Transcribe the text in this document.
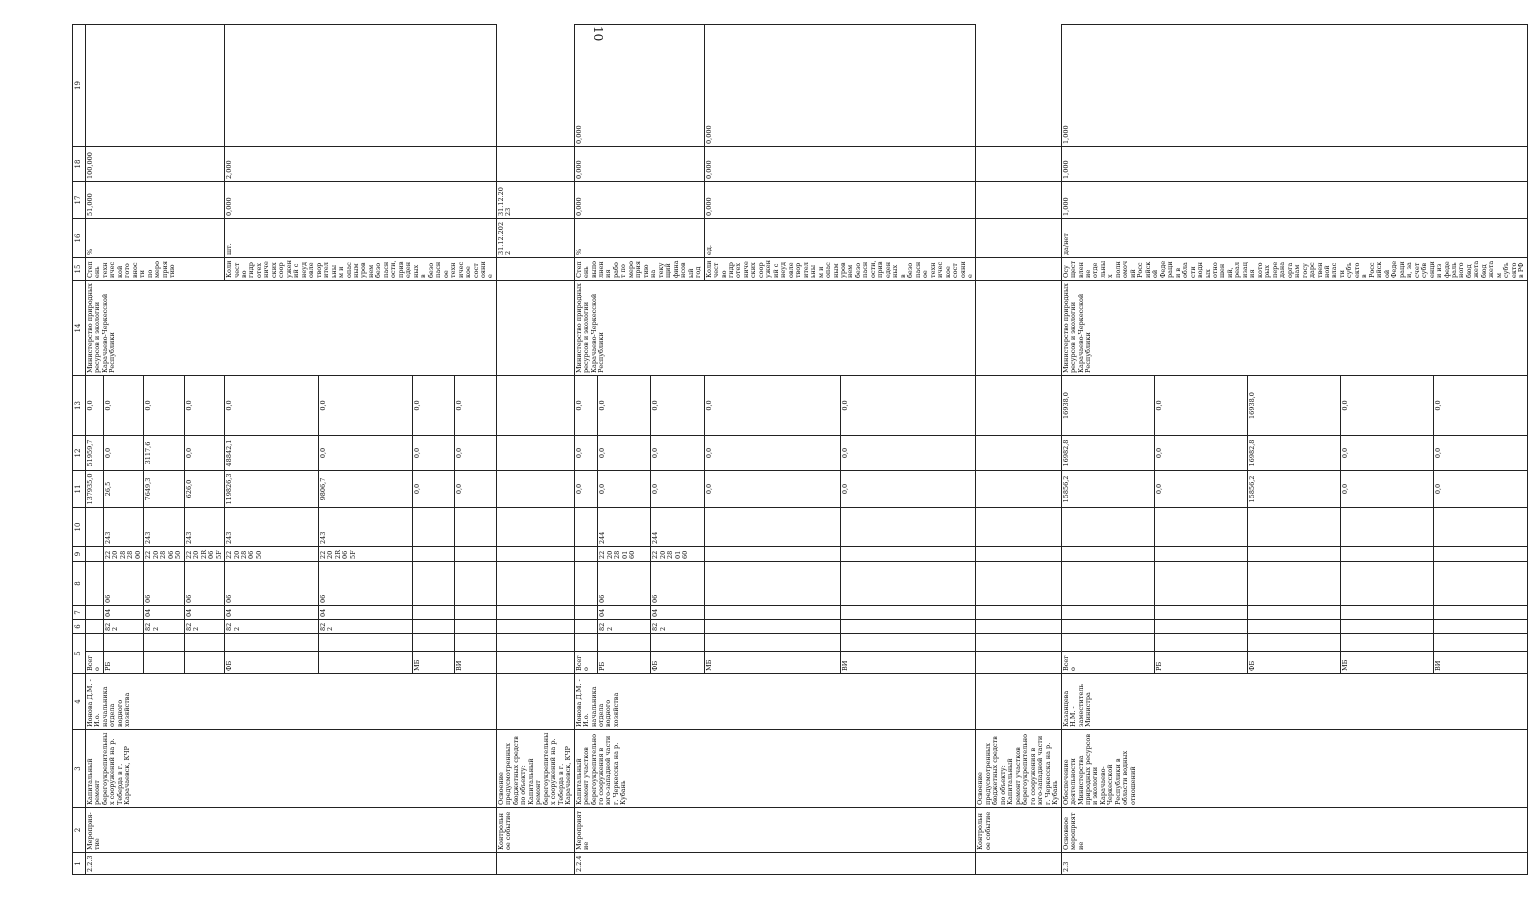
10
1	2	3	4	5		6	7	8	9	10	11	12	13	14	15	16	17	18	19
2.2.3	Мероприя-тие	Капитальный ремонт берегоукрепительных сооружений на р. Теберда в г. Карачаевск, КЧР	Ионова Д.М. - И.о. начальника отдела водного хозяйства	Всего							137935,0	51959,7	0,0	Министерство природных ресурсов и экологии Карачаево-Черкесской Республики	Степень технической готовности по мероприятию	%	51,000	100,000	
				РБ		822	04	06	2220282800	243	26,5	0,0	0,0						
						822	04	06	2220280650	243	7649,3	3117,6	0,0						
						822	04	06	22202R065F	243	626,0	0,0	0,0						
				ФБ		822	04	06	2220280650	243	119826,3	48842,1	0,0		Количество гидротехнических сооружений с неудовлетворительным и опасным уровнем безопасности, приведенных в безопасное техническое состояние	шт.	0,000	2,000	
						822	04	06	22202R065F	243	9806,7	0,0	0,0						
				МБ							0,0	0,0	0,0						
				ВИ							0,0	0,0	0,0						
	Контрольное событие	Освоение предусмотренных бюджетных средств по объекту: Капитальный ремонт берегоукрепительных сооружений на р. Теберда в г. Карачаевск, КЧР														31.12.2022	31.12.2023		
2.2.4	Мероприятие	Капитальный ремонт участков берегоукрепительного сооружения в юго-западной части г. Черкесска на р. Кубань	Ионова Д.М. - И.о. начальника отдела водного хозяйства	Всего							0,0	0,0	0,0	Министерство природных ресурсов и экологии Карачаево-Черкесской Республики	Степень выполнения работ по мероприятию на текущий финансовый год	%	0,000	0,000	0,000
				РБ		822	04	06	2220280160	244	0,0	0,0	0,0						
				ФБ		822	04	06	2220280160	244	0,0	0,0	0,0						
				МБ							0,0	0,0	0,0		Количество гидротехнических сооружений с неудовлетворительным и опасным уровнем безопасности, приведенных в безопасное техническое состояние	ед.	0,000	0,000	0,000
				ВИ							0,0	0,0	0,0						
	Контрольное событие	Освоение предусмотренных бюджетных средств по объекту: Капитальный ремонт участков берегоукрепительного сооружения в юго-западной части г. Черкесска на р. Кубань																	
2.3	Основное мероприятие	Обеспечение деятельности Министерства природных ресурсов и экологии Карачаево-Черкесской Республики в области водных отношений	Казанцева Н.М. - заместитель Министра	Всего							15856,2	16982,8	16938,0	Министерство природных ресурсов и экологии Карачаево-Черкесской Республики	Осуществление отдельных полномочий Российской Федерации в области водных отношений, реализация которых передана органам государственной власти субъектов Российской Федерации, за счет субвенции из федерального бюджета бюджетам субъектов РФ	да/нет	1,000	1,000	1,000
				РБ							0,0	0,0	0,0						
				ФБ							15856,2	16982,8	16938,0						
				МБ							0,0	0,0	0,0						
				ВИ							0,0	0,0	0,0						
